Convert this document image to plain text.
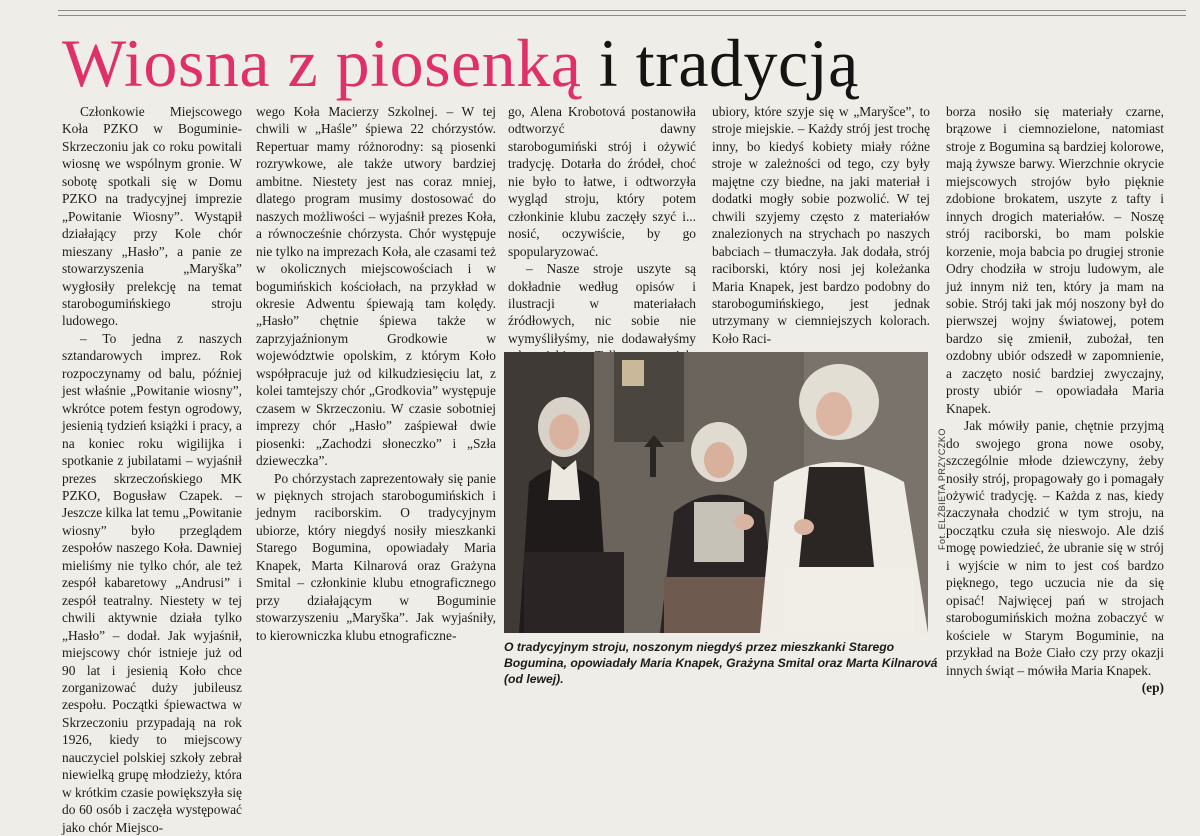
Wiosna z piosenką i tradycją

Członkowie Miejscowego Koła PZKO w Boguminie-Skrzeczoniu jak co roku powitali wiosnę we wspólnym gronie. W sobotę spotkali się w Domu PZKO na tradycyjnej imprezie „Powitanie Wiosny”. Wystąpił działający przy Kole chór mieszany „Hasło”, a panie ze stowarzyszenia „Maryška” wygłosiły prelekcję na temat starobogumińskiego stroju ludowego.

– To jedna z naszych sztandarowych imprez. Rok rozpoczynamy od balu, później jest właśnie „Powitanie wiosny”, wkrótce potem festyn ogrodowy, jesienią tydzień książki i pracy, a na koniec roku wigilijka i spotkanie z jubilatami – wyjaśnił prezes skrzeczońskiego MK PZKO, Bogusław Czapek. – Jeszcze kilka lat temu „Powitanie wiosny” było przeglądem zespołów naszego Koła. Dawniej mieliśmy nie tylko chór, ale też zespół kabaretowy „Andrusi” i zespół teatralny. Niestety w tej chwili aktywnie działa tylko „Hasło” – dodał. Jak wyjaśnił, miejscowy chór istnieje już od 90 lat i jesienią Koło chce zorganizować duży jubileusz zespołu. Początki śpiewactwa w Skrzeczoniu przypadają na rok 1926, kiedy to miejscowy nauczyciel polskiej szkoły zebrał niewielką grupę młodzieży, która w krótkim czasie powiększyła się do 60 osób i zaczęła występować jako chór Miejsco-

wego Koła Macierzy Szkolnej. – W tej chwili w „Haśle” śpiewa 22 chórzystów. Repertuar mamy różnorodny: są piosenki rozrywkowe, ale także utwory bardziej ambitne. Niestety jest nas coraz mniej, dlatego program musimy dostosować do naszych możliwości – wyjaśnił prezes Koła, a równocześnie chórzysta. Chór występuje nie tylko na imprezach Koła, ale czasami też w okolicznych miejscowościach i w bogumińskich kościołach, na przykład w okresie Adwentu śpiewają tam kolędy. „Hasło” chętnie śpiewa także w zaprzyjaźnionym Grodkowie w województwie opolskim, z którym Koło współpracuje już od kilkudziesięciu lat, z kolei tamtejszy chór „Grodkovia” występuje czasem w Skrzeczoniu. W czasie sobotniej imprezy chór „Hasło” zaśpiewał dwie piosenki: „Zachodzi słoneczko” i „Szła dzieweczka”.

Po chórzystach zaprezentowały się panie w pięknych strojach starobogumińskich i jednym raciborskim. O tradycyjnym ubiorze, który niegdyś nosiły mieszkanki Starego Bogumina, opowiadały Maria Knapek, Marta Kilnarová oraz Grażyna Smital – członkinie klubu etnograficznego przy działającym w Boguminie stowarzyszeniu „Maryška”. Jak wyjaśniły, to kierowniczka klubu etnograficzne-

go, Alena Krobotová postanowiła odtworzyć dawny starobogumiński strój i ożywić tradycję. Dotarła do źródeł, choć nie było to łatwe, i odtworzyła wygląd stroju, który potem członkinie klubu zaczęły szyć i... nosić, oczywiście, by go spopularyzować.

– Nasze stroje uszyte są dokładnie według opisów i ilustracji w materiałach źródłowych, nic sobie nie wymyśliłyśmy, nie dodawałyśmy

ubiory, które szyje się w „Maryšce”, to stroje miejskie. – Każdy strój jest trochę inny, bo kiedyś kobiety miały różne stroje w zależności od tego, czy były majętne czy biedne, na jaki materiał i dodatki mogły sobie pozwolić. W tej chwili szyjemy często z materiałów znalezionych na strychach po naszych babciach – tłumaczyła. Jak dodała, strój raciborski, który nosi jej koleżanka Maria Knapek, jest bardzo podobny do starobogumińskiego, jest jednak utrzymany w ciemniejszych kolorach. Koło Raci-

borza nosiło się materiały czarne, brązowe i ciemnozielone, natomiast stroje z Bogumina są bardziej kolorowe, mają żywsze barwy. Wierzchnie okrycie miejscowych strojów było pięknie zdobione brokatem, uszyte z tafty i innych drogich materiałów. – Noszę strój raciborski, bo mam polskie korzenie, moja babcia po drugiej stronie Odry chodziła w stroju ludowym, ale już innym niż ten, który ja mam na sobie. Strój taki jak mój noszony był do pierwszej wojny światowej, potem bardzo się zmienił, zubożał, ten ozdobny ubiór odszedł w zapomnienie, a zaczęto nosić bardziej zwyczajny, prosty ubiór – opowiadała Maria Knapek.

Jak mówiły panie, chętnie przyjmą do swojego grona nowe osoby, szczególnie młode dziewczyny, żeby nosiły strój, propagowały go i pomagały ożywić tradycję. – Każda z nas, kiedy zaczynała chodzić w tym stroju, na początku czuła się nieswojo. Ale dziś mogę powiedzieć, że ubranie się w strój i wyjście w nim to jest coś bardzo pięknego, tego uczucia nie da się opisać! Najwięcej pań w strojach starobogumińskich można zobaczyć w kościele w Starym Boguminie, na przykład na Boże Ciało czy przy okazji innych świąt – mówiła Maria Knapek.
(ep)

Fot. ELŻBIETA PRZYCZKO
O tradycyjnym stroju, noszonym niegdyś przez mieszkanki Starego Bogumina, opowiadały Maria Knapek, Grażyna Smital oraz Marta Kilnarová (od lewej).
